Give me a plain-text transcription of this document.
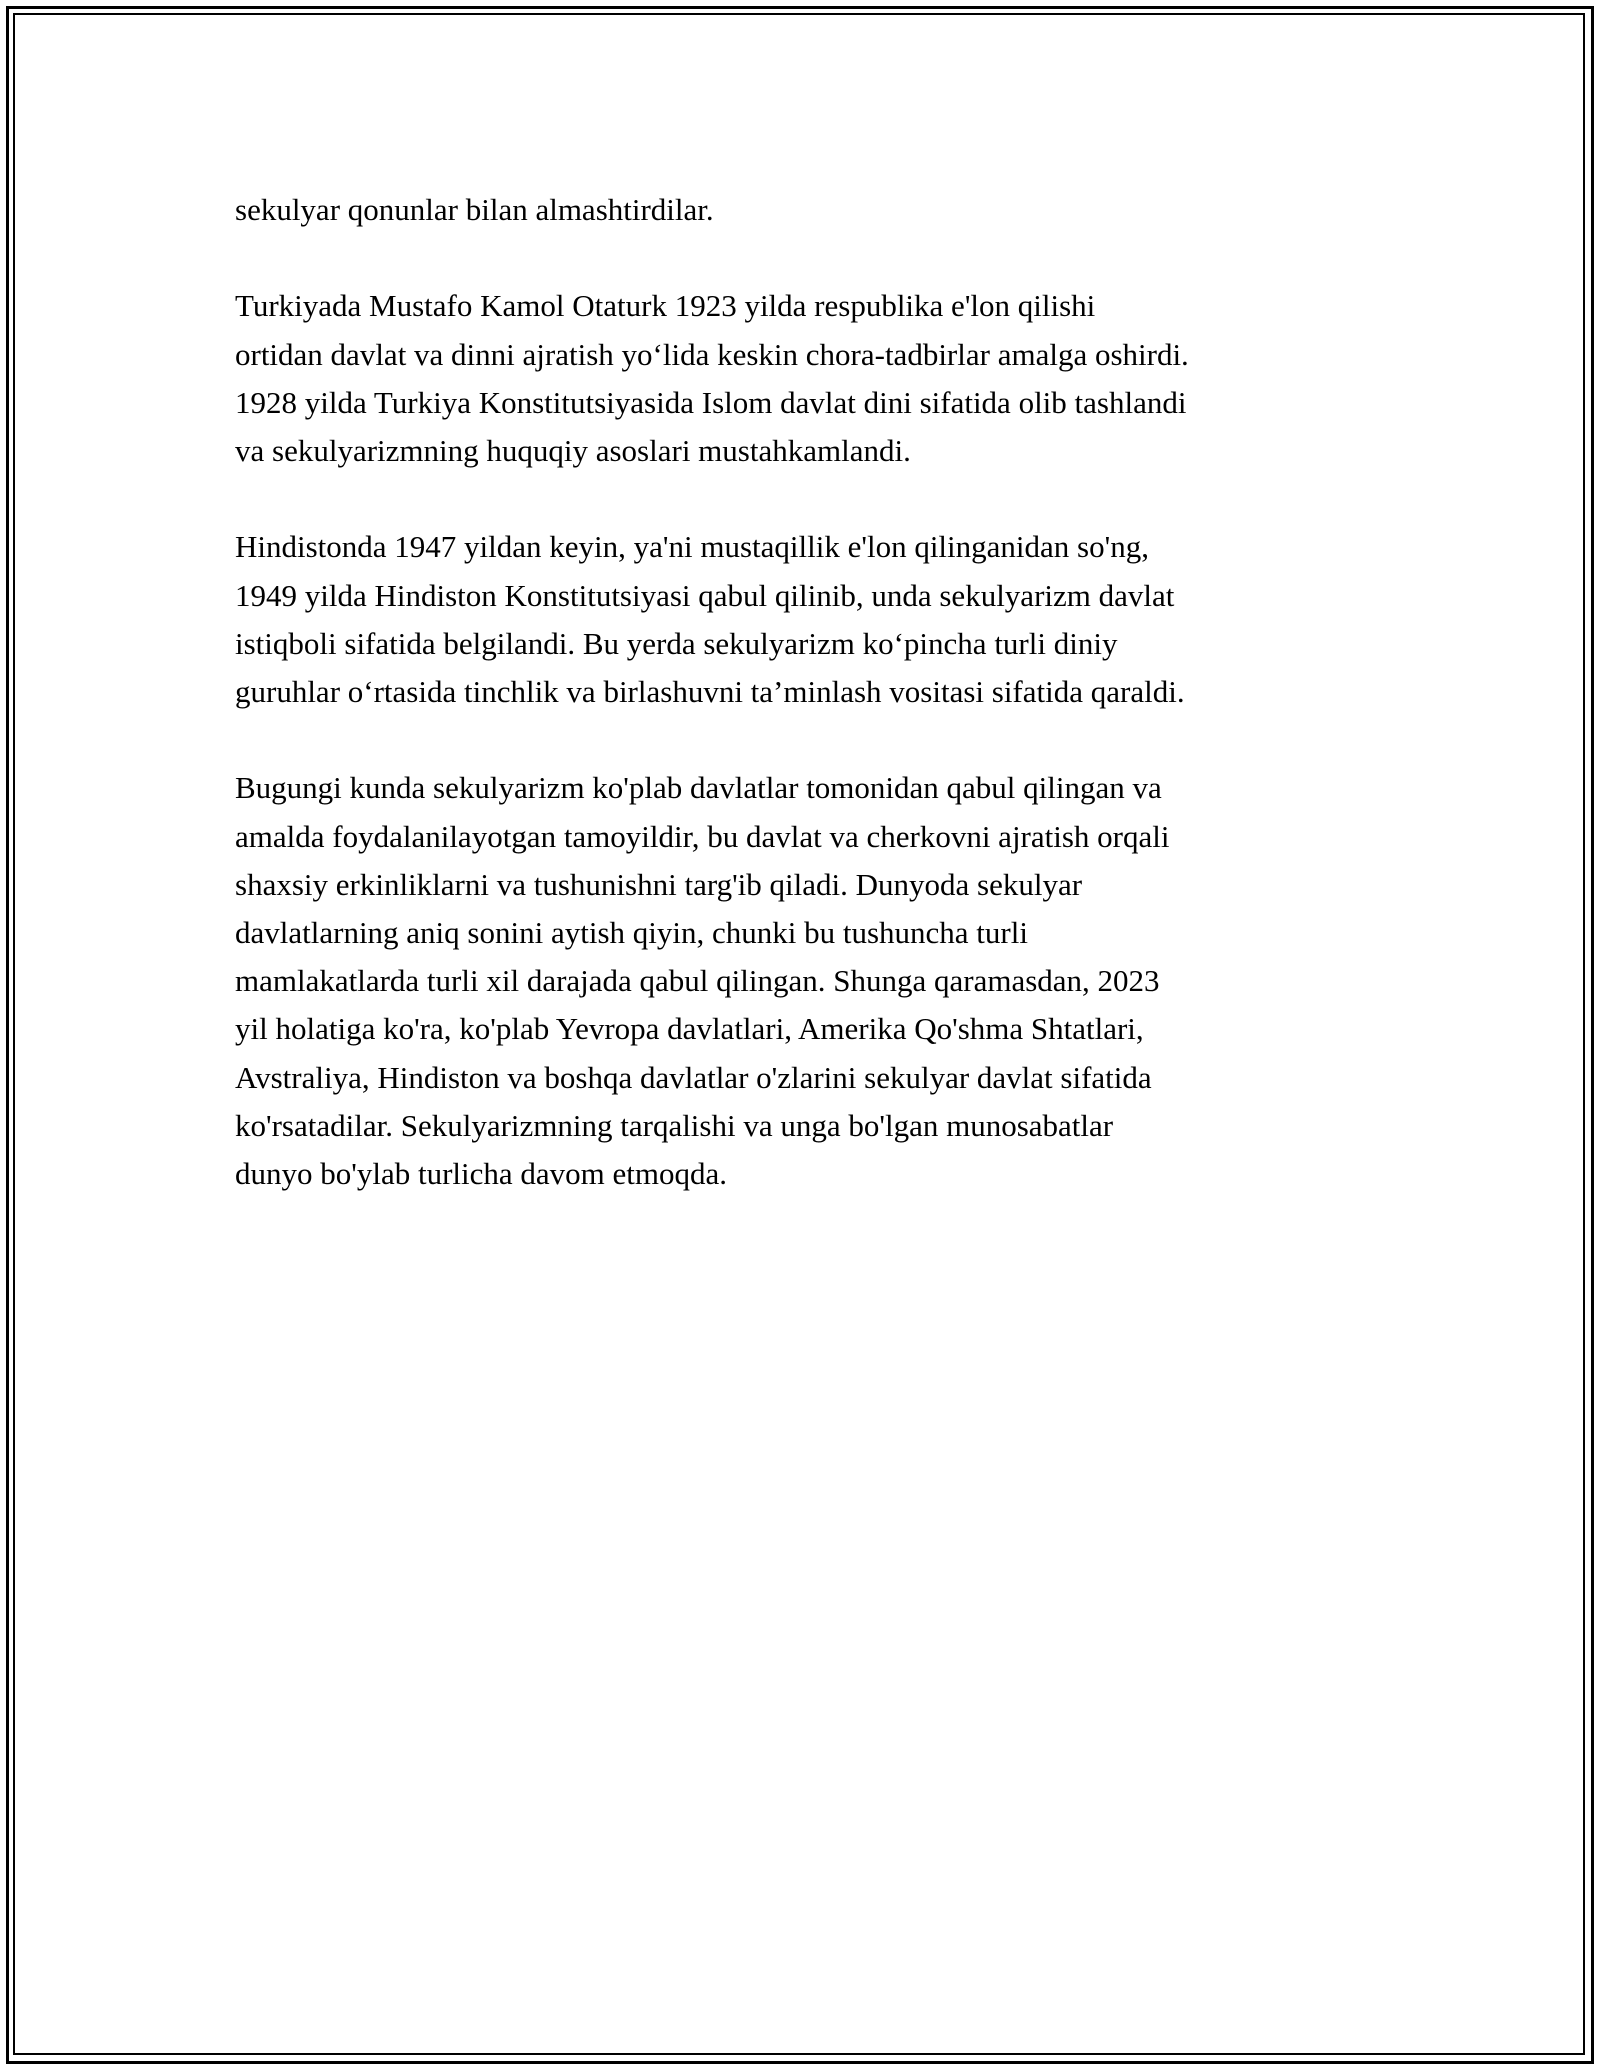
sekulyar qonunlar bilan almashtirdilar.

Turkiyada Mustafo Kamol Otaturk 1923 yilda respublika e'lon qilishi
ortidan davlat va dinni ajratish yo‘lida keskin chora-tadbirlar amalga oshirdi.
1928 yilda Turkiya Konstitutsiyasida Islom davlat dini sifatida olib tashlandi
va sekulyarizmning huquqiy asoslari mustahkamlandi.

Hindistonda 1947 yildan keyin, ya'ni mustaqillik e'lon qilinganidan so'ng,
1949 yilda Hindiston Konstitutsiyasi qabul qilinib, unda sekulyarizm davlat
istiqboli sifatida belgilandi. Bu yerda sekulyarizm ko‘pincha turli diniy
guruhlar o‘rtasida tinchlik va birlashuvni ta’minlash vositasi sifatida qaraldi.

Bugungi kunda sekulyarizm ko'plab davlatlar tomonidan qabul qilingan va
amalda foydalanilayotgan tamoyildir, bu davlat va cherkovni ajratish orqali
shaxsiy erkinliklarni va tushunishni targ'ib qiladi. Dunyoda sekulyar
davlatlarning aniq sonini aytish qiyin, chunki bu tushuncha turli
mamlakatlarda turli xil darajada qabul qilingan. Shunga qaramasdan, 2023
yil holatiga ko'ra, ko'plab Yevropa davlatlari, Amerika Qo'shma Shtatlari,
Avstraliya, Hindiston va boshqa davlatlar o'zlarini sekulyar davlat sifatida
ko'rsatadilar. Sekulyarizmning tarqalishi va unga bo'lgan munosabatlar
dunyo bo'ylab turlicha davom etmoqda.
